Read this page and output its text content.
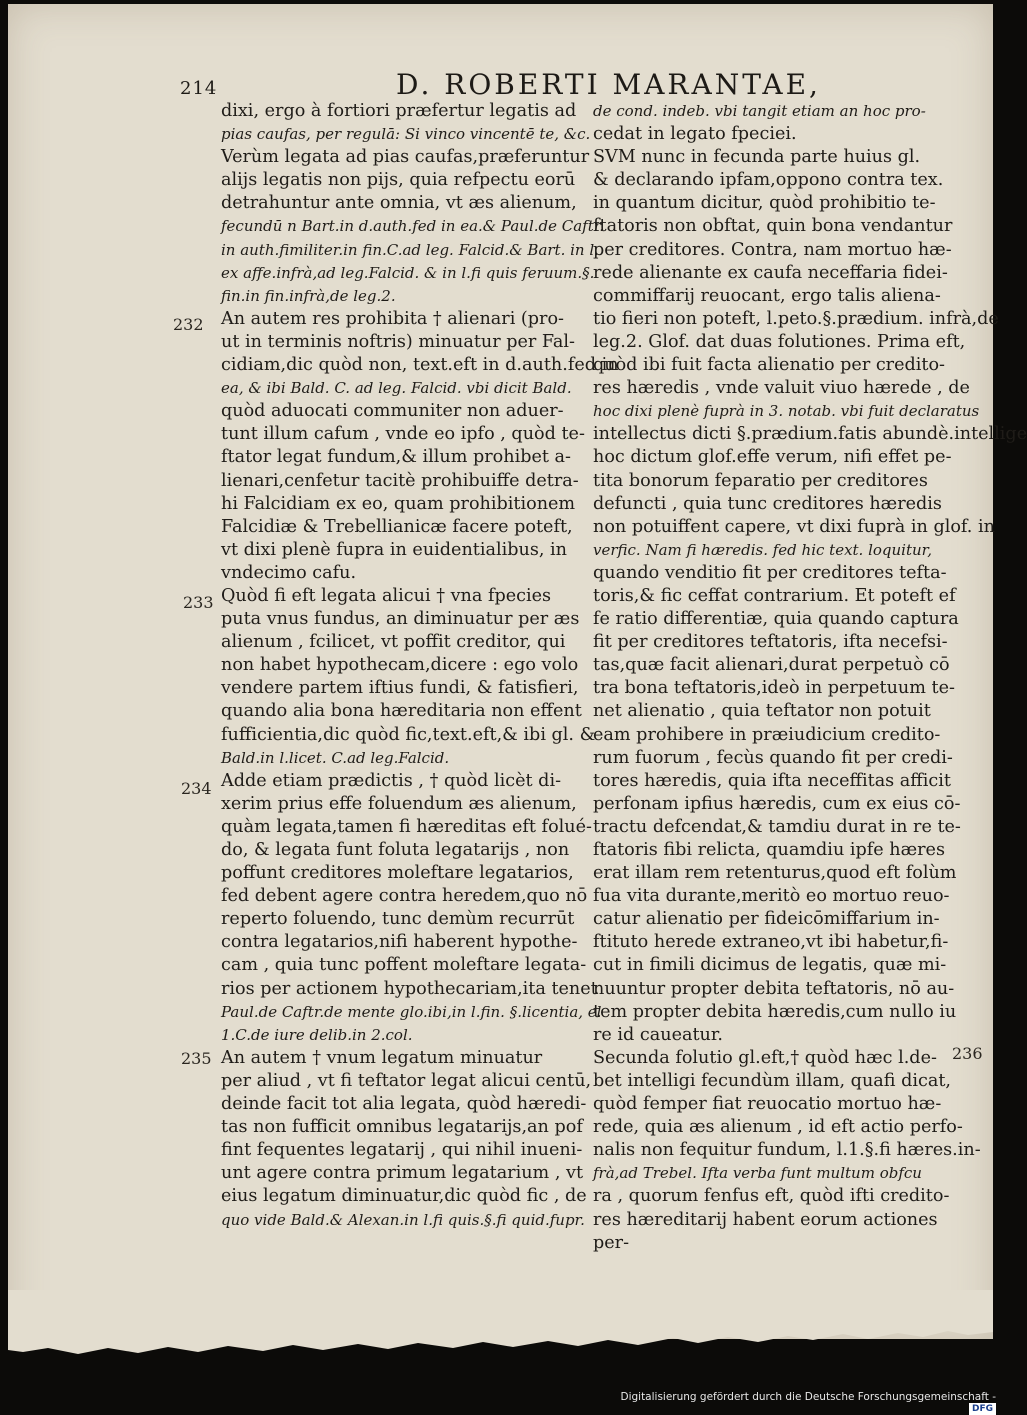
214	D. ROBERTI MARANTAE,
dixi, ergo à fortiori præfertur legatis ad
pias caufas, per regulā: Si vinco vincentē te, &c.
Verùm legata ad pias caufas,præferuntur
alijs legatis non pijs, quia refpectu eorū
detrahuntur ante omnia, vt æs alienum,
fecundū n Bart.in d.auth.fed in ea.& Paul.de Caftr.
in auth.fimiliter.in fin.C.ad leg. Falcid.& Bart. in l.
ex affe.infrà,ad leg.Falcid. & in l.fi quis feruum.§.
fin.in fin.infrà,de leg.2.
An autem res prohibita † alienari (pro-
ut in terminis noftris) minuatur per Fal-
cidiam,dic quòd non, text.eft in d.auth.fed in
ea, & ibi Bald. C. ad leg. Falcid. vbi dicit Bald.
quòd aduocati communiter non aduer-
tunt illum cafum , vnde eo ipfo , quòd te-
ftator legat fundum,& illum prohibet a-
lienari,cenfetur tacitè prohibuiffe detra-
hi Falcidiam ex eo, quam prohibitionem
Falcidiæ & Trebellianicæ facere poteft,
vt dixi plenè fupra in euidentialibus, in
vndecimo cafu.
Quòd fi eft legata alicui † vna fpecies
puta vnus fundus, an diminuatur per æs
alienum , fcilicet, vt poffit creditor, qui
non habet hypothecam,dicere : ego volo
vendere partem iftius fundi, & fatisfieri,
quando alia bona hæreditaria non effent
fufficientia,dic quòd fic,text.eft,& ibi gl. &
Bald.in l.licet. C.ad leg.Falcid.
Adde etiam prædictis , † quòd licèt di-
xerim prius effe foluendum æs alienum,
quàm legata,tamen fi hæreditas eft folué-
do, & legata funt foluta legatarijs , non
poffunt creditores moleftare legatarios,
fed debent agere contra heredem,quo nō
reperto foluendo, tunc demùm recurrūt
contra legatarios,nifi haberent hypothe-
cam , quia tunc poffent moleftare legata-
rios per actionem hypothecariam,ita tenet
Paul.de Caftr.de mente glo.ibi,in l.fin. §.licentia, el
1.C.de iure delib.in 2.col.
An autem † vnum legatum minuatur
per aliud , vt fi teftator legat alicui centū,
deinde facit tot alia legata, quòd hæredi-
tas non fufficit omnibus legatarijs,an pof
fint fequentes legatarij , qui nihil inueni-
unt agere contra primum legatarium , vt
eius legatum diminuatur,dic quòd fic , de
quo vide Bald.& Alexan.in l.fi quis.§.fi quid.fupr.
de cond. indeb. vbi tangit etiam an hoc pro-
cedat in legato fpeciei.
SVM nunc in fecunda parte huius gl.
& declarando ipfam,oppono contra tex.
in quantum dicitur, quòd prohibitio te-
ftatoris non obftat, quin bona vendantur
per creditores. Contra, nam mortuo hæ-
rede alienante ex caufa neceffaria fidei-
commiffarij reuocant, ergo talis aliena-
tio fieri non poteft, l.peto.§.prædium. infrà,de
leg.2. Glof. dat duas folutiones. Prima eft,
quòd ibi fuit facta alienatio per credito-
res hæredis , vnde valuit viuo hærede , de
hoc dixi plenè fuprà in 3. notab. vbi fuit declaratus
intellectus dicti §.prædium.fatis abundè.intellige
hoc dictum glof.effe verum, nifi effet pe-
tita bonorum feparatio per creditores
defuncti , quia tunc creditores hæredis
non potuiffent capere, vt dixi fuprà in glof. in
verfic. Nam fi hæredis. fed hic text. loquitur,
quando venditio fit per creditores tefta-
toris,& fic ceffat contrarium. Et poteft ef
fe ratio differentiæ, quia quando captura
fit per creditores teftatoris, ifta necefsi-
tas,quæ facit alienari,durat perpetuò cō
tra bona teftatoris,ideò in perpetuum te-
net alienatio , quia teftator non potuit
eam prohibere in præiudicium credito-
rum fuorum , fecùs quando fit per credi-
tores hæredis, quia ifta neceffitas afficit
perfonam ipfius hæredis, cum ex eius cō-
tractu defcendat,& tamdiu durat in re te-
ftatoris fibi relicta, quamdiu ipfe hæres
erat illam rem retenturus,quod eft folùm
fua vita durante,meritò eo mortuo reuo-
catur alienatio per fideicōmiffarium in-
ftituto herede extraneo,vt ibi habetur,fi-
cut in fimili dicimus de legatis, quæ mi-
nuuntur propter debita teftatoris, nō au-
tem propter debita hæredis,cum nullo iu
re id caueatur.
Secunda folutio gl.eft,† quòd hæc l.de-
bet intelligi fecundùm illam, quafi dicat,
quòd femper fiat reuocatio mortuo hæ-
rede, quia æs alienum , id eft actio perfo-
nalis non fequitur fundum, l.1.§.fi hæres.in-
frà,ad Trebel. Ifta verba funt multum obfcu
ra , quorum fenfus eft, quòd ifti credito-
res hæreditarij habent eorum actiones
per-
232
233
234
235	236
Digitalisierung gefördert durch die Deutsche Forschungsgemeinschaft -DFG
